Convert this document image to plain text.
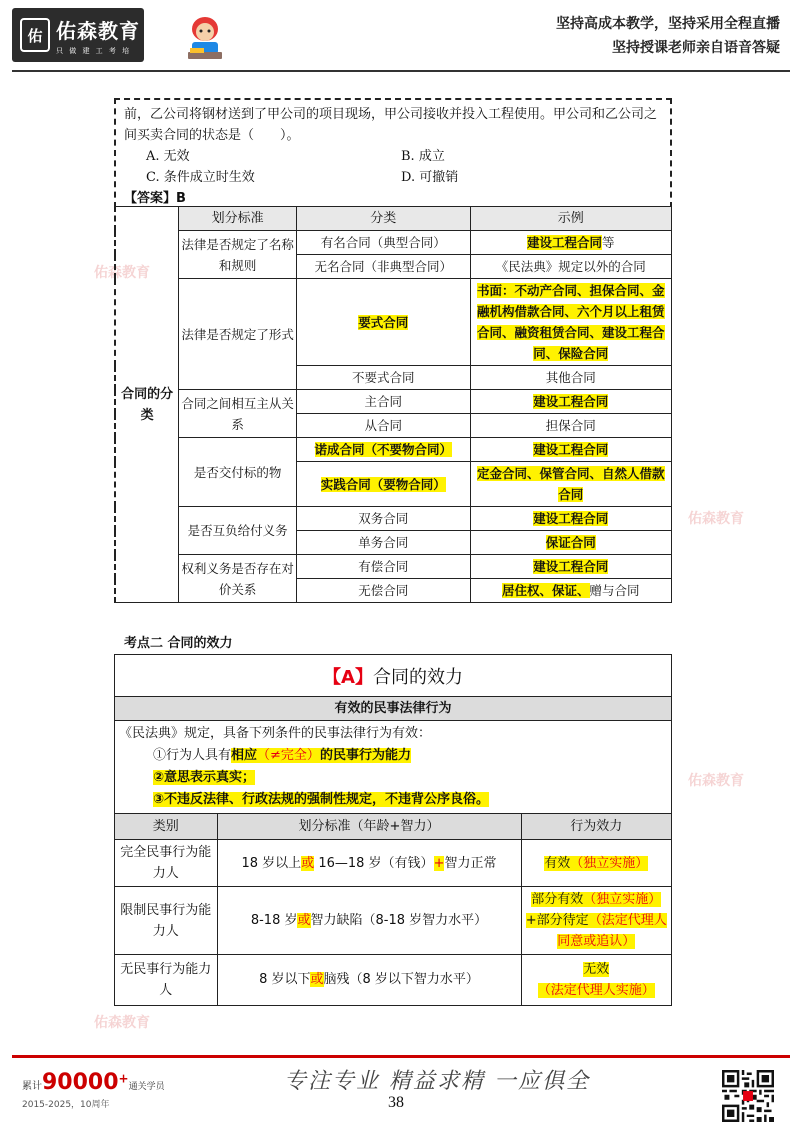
佑 佑森教育
只 做 建 工 考 培
坚持高成本教学，坚持采用全程直播
坚持授课老师亲自语音答疑
佑森教育
佑森教育
佑森教育
佑森教育
前，乙公司将钢材送到了甲公司的项目现场，甲公司接收并投入工程使用。甲公司和乙公司之间买卖合同的状态是（　　）。
A. 无效	B. 成立
C. 条件成立时生效	D. 可撤销
【答案】B
合同的分类	划分标准	分类	示例
	法律是否规定了名称和规则	有名合同（典型合同）	建设工程合同等
		无名合同（非典型合同）	《民法典》规定以外的合同
	法律是否规定了形式	要式合同	书面：不动产合同、担保合同、金融机构借款合同、六个月以上租赁合同、融资租赁合同、建设工程合同、保险合同
		不要式合同	其他合同
	合同之间相互主从关系	主合同	建设工程合同
		从合同	担保合同
	是否交付标的物	诺成合同（不要物合同）	建设工程合同
		实践合同（要物合同）	定金合同、保管合同、自然人借款合同
	是否互负给付义务	双务合同	建设工程合同
		单务合同	保证合同
	权利义务是否存在对价关系	有偿合同	建设工程合同
		无偿合同	居住权、保证、赠与合同
考点二 合同的效力
【A】 合同的效力
有效的民事法律行为
《民法典》规定，具备下列条件的民事法律行为有效：
①行为人具有相应（≠完全）的民事行为能力
②意思表示真实；
③不违反法律、行政法规的强制性规定，不违背公序良俗。
类别	划分标准（年龄+智力）	行为效力
完全民事行为能力人	18 岁以上或 16—18 岁（有钱）+智力正常	有效（独立实施）
限制民事行为能力人	8-18 岁或智力缺陷（8-18 岁智力水平）	部分有效（独立实施）+部分待定（法定代理人同意或追认）
无民事行为能力人	8 岁以下或脑残（8 岁以下智力水平）	无效（法定代理人实施）
累计90000+通关学员
2015-2025，10周年
专注专业 精益求精 一应俱全
38
